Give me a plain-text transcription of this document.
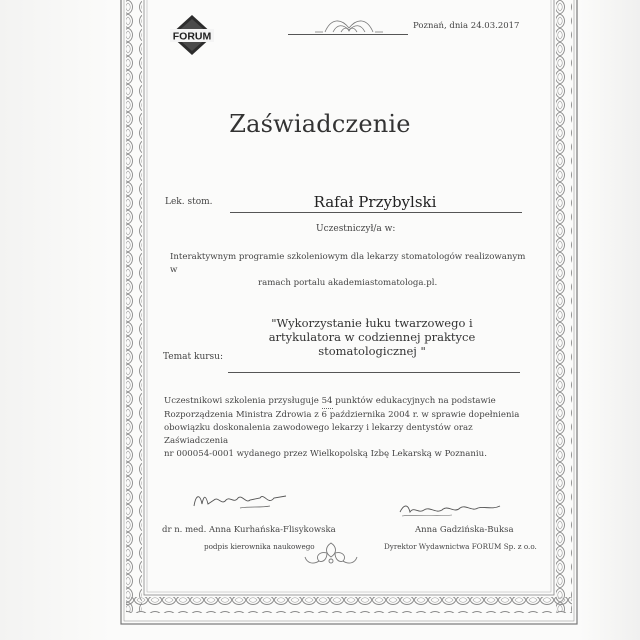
FORUM
Poznań, dnia 24.03.2017
Zaświadczenie
Lek. stom.	Rafał Przybylski
Uczestniczył/a w:
Interaktywnym programie szkoleniowym dla lekarzy stomatologów realizowanym w
ramach portalu akademiastomatologa.pl.
"Wykorzystanie łuku twarzowego i
artykulatora w codziennej praktyce
stomatologicznej "
Temat kursu:
Uczestnikowi szkolenia przysługuje 54 punktów edukacyjnych na podstawie
Rozporządzenia Ministra Zdrowia z 6 października 2004 r. w sprawie dopełnienia
obowiązku doskonalenia zawodowego lekarzy i lekarzy dentystów oraz Zaświadczenia
nr 000054-0001 wydanego przez Wielkopolską Izbę Lekarską w Poznaniu.
dr n. med. Anna Kurhańska-Flisykowska
podpis kierownika naukowego
Anna Gadzińska-Buksa
Dyrektor Wydawnictwa FORUM Sp. z o.o.
